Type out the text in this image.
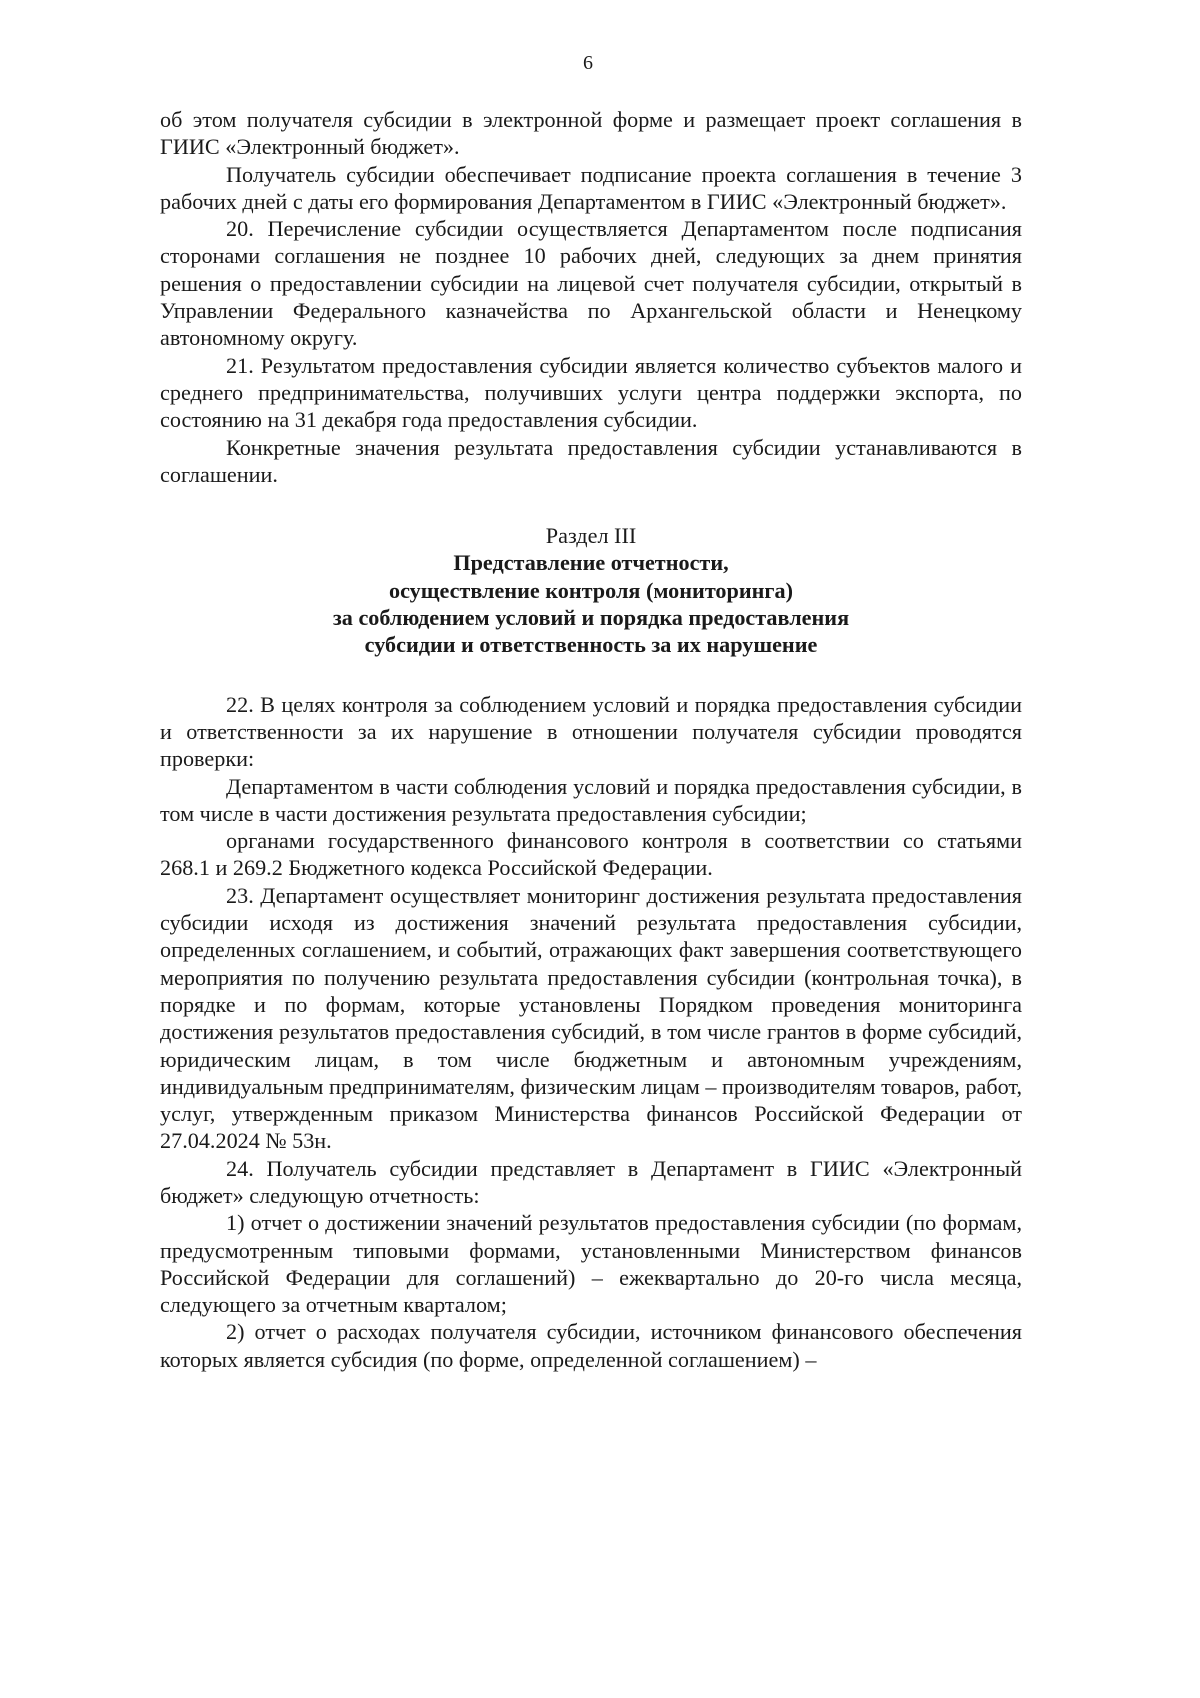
6

об этом получателя субсидии в электронной форме и размещает проект соглашения в ГИИС «Электронный бюджет».

Получатель субсидии обеспечивает подписание проекта соглашения в течение 3 рабочих дней с даты его формирования Департаментом в ГИИС «Электронный бюджет».

20. Перечисление субсидии осуществляется Департаментом после подписания сторонами соглашения не позднее 10 рабочих дней, следующих за днем принятия решения о предоставлении субсидии на лицевой счет получателя субсидии, открытый в Управлении Федерального казначейства по Архангельской области и Ненецкому автономному округу.

21. Результатом предоставления субсидии является количество субъектов малого и среднего предпринимательства, получивших услуги центра поддержки экспорта, по состоянию на 31 декабря года предоставления субсидии.

Конкретные значения результата предоставления субсидии устанавливаются в соглашении.

Раздел III
Представление отчетности,
осуществление контроля (мониторинга)
за соблюдением условий и порядка предоставления
субсидии и ответственность за их нарушение

22. В целях контроля за соблюдением условий и порядка предоставления субсидии и ответственности за их нарушение в отношении получателя субсидии проводятся проверки:

Департаментом в части соблюдения условий и порядка предоставления субсидии, в том числе в части достижения результата предоставления субсидии;

органами государственного финансового контроля в соответствии со статьями 268.1 и 269.2 Бюджетного кодекса Российской Федерации.

23. Департамент осуществляет мониторинг достижения результата предоставления субсидии исходя из достижения значений результата предоставления субсидии, определенных соглашением, и событий, отражающих факт завершения соответствующего мероприятия по получению результата предоставления субсидии (контрольная точка), в порядке и по формам, которые установлены Порядком проведения мониторинга достижения результатов предоставления субсидий, в том числе грантов в форме субсидий, юридическим лицам, в том числе бюджетным и автономным учреждениям, индивидуальным предпринимателям, физическим лицам – производителям товаров, работ, услуг, утвержденным приказом Министерства финансов Российской Федерации от 27.04.2024 № 53н.

24. Получатель субсидии представляет в Департамент в ГИИС «Электронный бюджет» следующую отчетность:

1) отчет о достижении значений результатов предоставления субсидии (по формам, предусмотренным типовыми формами, установленными Министерством финансов Российской Федерации для соглашений) – ежеквартально до 20-го числа месяца, следующего за отчетным кварталом;

2) отчет о расходах получателя субсидии, источником финансового обеспечения которых является субсидия (по форме, определенной соглашением) –
